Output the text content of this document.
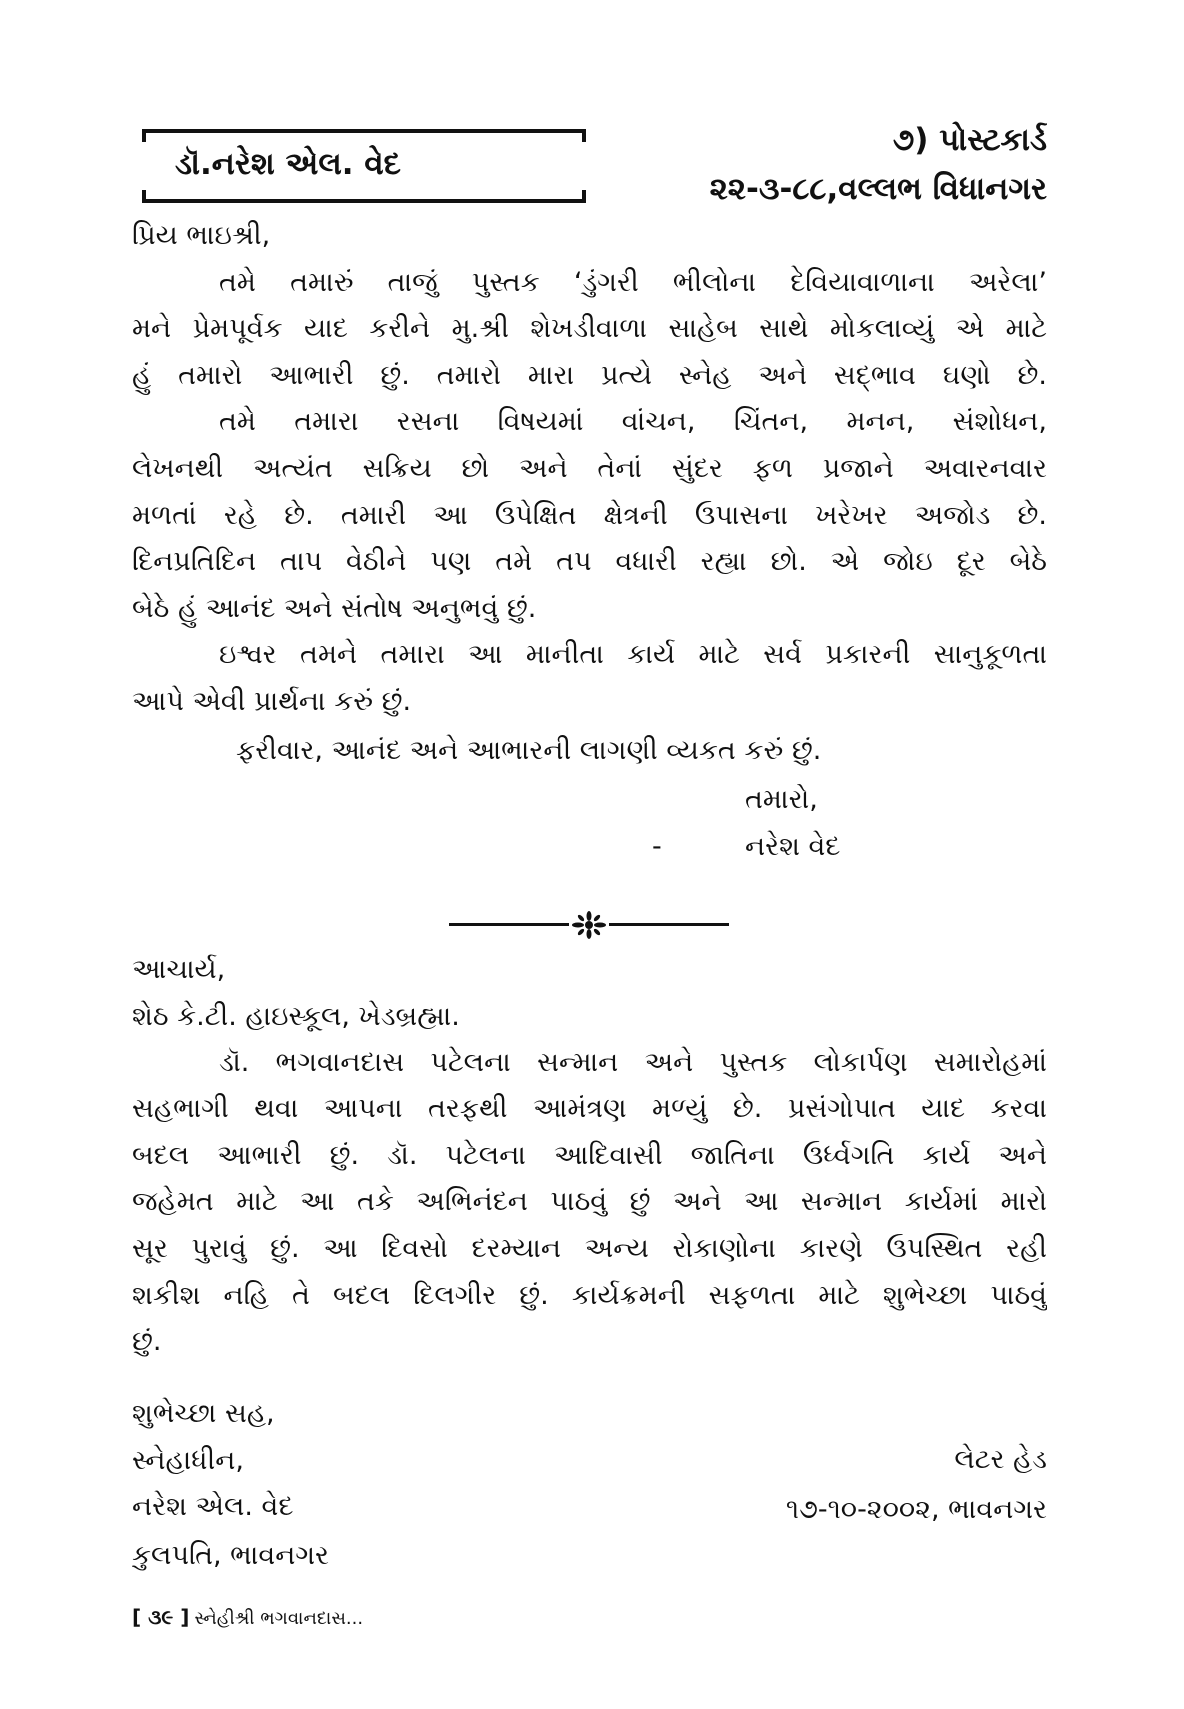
ડૉ.નરેશ એલ. વેદ
૭) પોસ્ટકાર્ડ
૨૨-૩-૮૮,વલ્લભ વિધાનગર
પ્રિય ભાઇશ્રી,
તમે તમારું તાજું પુસ્તક ‘ડુંગરી ભીલોના દેવિયાવાળાના અરેલા’
મને પ્રેમપૂર્વક યાદ કરીને મુ.શ્રી શેખડીવાળા સાહેબ સાથે મોકલાવ્યું એ માટે
હું તમારો આભારી છું. તમારો મારા પ્રત્યે સ્નેહ અને સદ્ભાવ ઘણો છે.
તમે તમારા રસના વિષયમાં વાંચન, ચિંતન, મનન, સંશોધન,
લેખનથી અત્યંત સક્રિય છો અને તેનાં સુંદર ફળ પ્રજાને અવારનવાર
મળતાં રહે છે. તમારી આ ઉપેક્ષિત ક્ષેત્રની ઉપાસના ખરેખર અજોડ છે.
દિનપ્રતિદિન તાપ વેઠીને પણ તમે તપ વધારી રહ્યા છો. એ જોઇ દૂર બેઠે
બેઠે હું આનંદ અને સંતોષ અનુભવું છું.
ઇશ્વર તમને તમારા આ માનીતા કાર્ય માટે સર્વ પ્રકારની સાનુકૂળતા
આપે એવી પ્રાર્થના કરું છું.
ફરીવાર, આનંદ અને આભારની લાગણી વ્યકત કરું છું.
તમારો,
-	નરેશ વેદ
આચાર્ય,
શેઠ કે.ટી. હાઇસ્કૂલ, ખેડબ્રહ્મા.
ડૉ. ભગવાનદાસ પટેલના સન્માન અને પુસ્તક લોકાર્પણ સમારોહમાં
સહભાગી થવા આપના તરફથી આમંત્રણ મળ્યું છે. પ્રસંગોપાત યાદ કરવા
બદલ આભારી છું. ડૉ. પટેલના આદિવાસી જાતિના ઉર્ધ્વગતિ કાર્ય અને
જહેમત માટે આ તકે અભિનંદન પાઠવું છું અને આ સન્માન કાર્યમાં મારો
સૂર પુરાવું છું. આ દિવસો દરમ્યાન અન્ય રોકાણોના કારણે ઉપસ્થિત રહી
શકીશ નહિ તે બદલ દિલગીર છું. કાર્યક્રમની સફળતા માટે શુભેચ્છા પાઠવું
છું.
શુભેચ્છા સહ,
સ્નેહાધીન,
નરેશ એલ. વેદ
કુલપતિ, ભાવનગર
લેટર હેડ
૧૭-૧૦-૨૦૦૨, ભાવનગર
[ ૩૯ ] સ્નેહીશ્રી ભગવાનદાસ...
